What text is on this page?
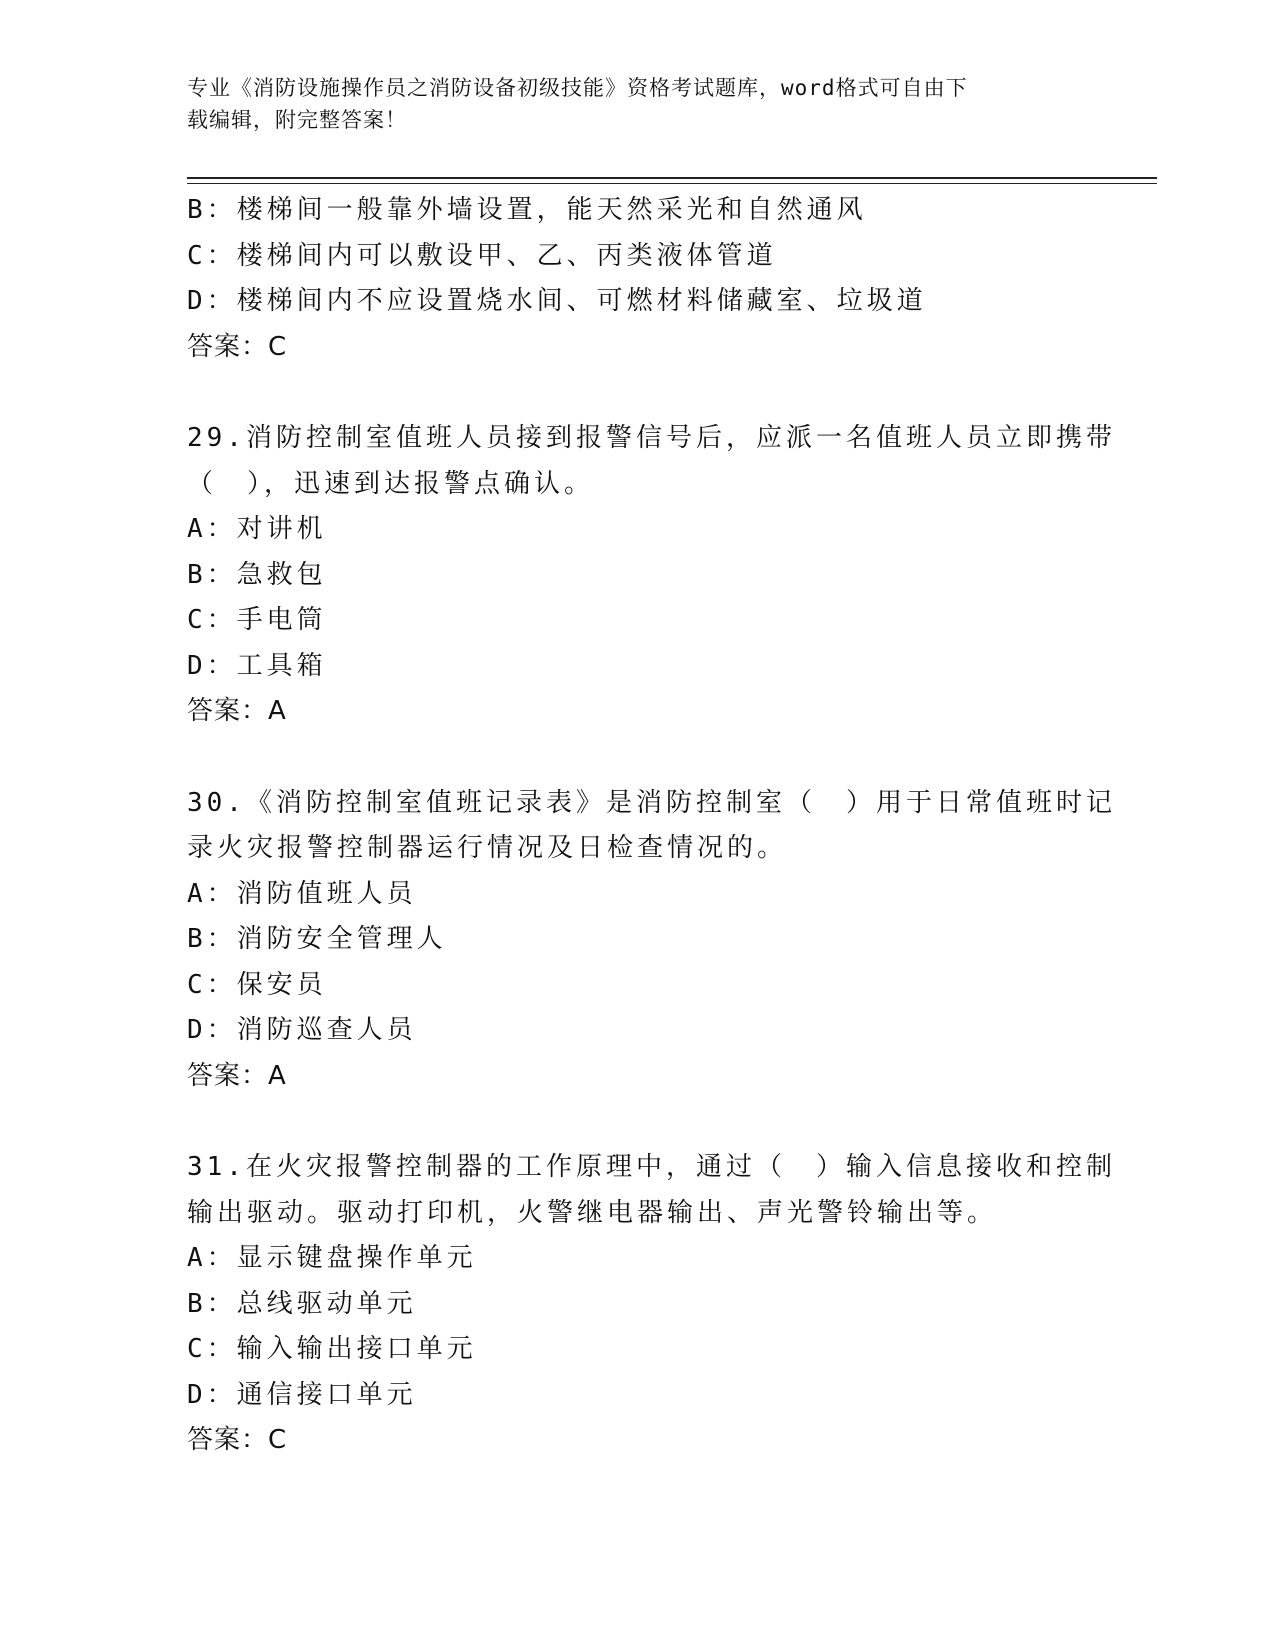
专业《消防设施操作员之消防设备初级技能》资格考试题库，word格式可自由下
载编辑，附完整答案！
B：楼梯间一般靠外墙设置，能天然采光和自然通风
C：楼梯间内可以敷设甲、乙、丙类液体管道
D：楼梯间内不应设置烧水间、可燃材料储藏室、垃圾道
答案：C
29.消防控制室值班人员接到报警信号后，应派一名值班人员立即携带
（　），迅速到达报警点确认。
A：对讲机
B：急救包
C：手电筒
D：工具箱
答案：A
30.《消防控制室值班记录表》是消防控制室（　）用于日常值班时记
录火灾报警控制器运行情况及日检查情况的。
A：消防值班人员
B：消防安全管理人
C：保安员
D：消防巡查人员
答案：A
31.在火灾报警控制器的工作原理中，通过（　）输入信息接收和控制
输出驱动。驱动打印机，火警继电器输出、声光警铃输出等。
A：显示键盘操作单元
B：总线驱动单元
C：输入输出接口单元
D：通信接口单元
答案：C
